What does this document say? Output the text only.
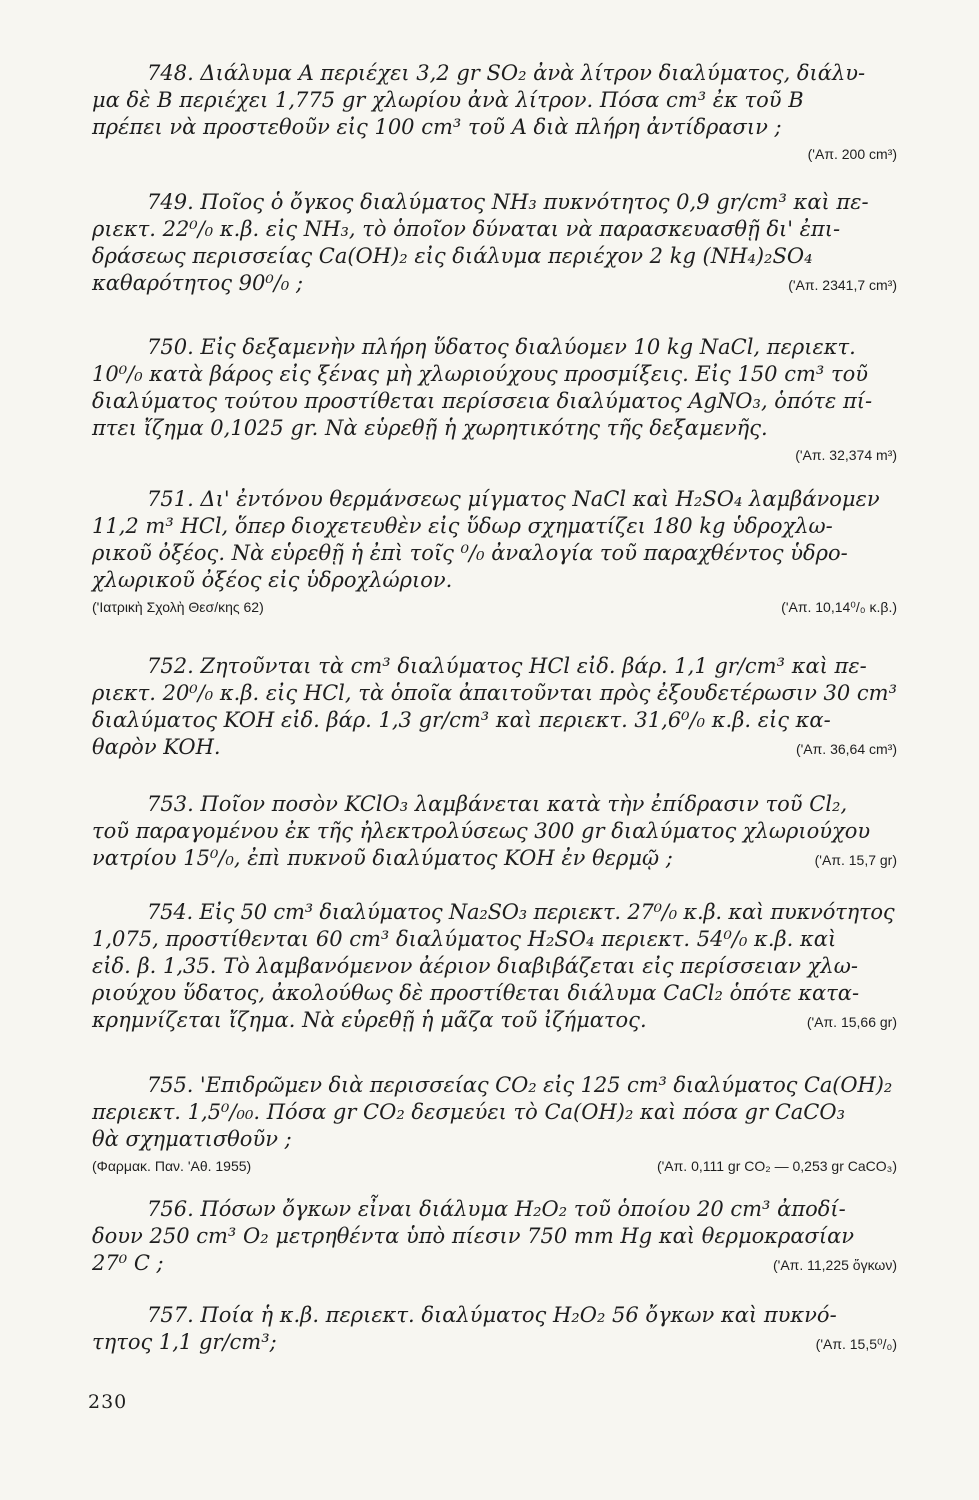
748. Διάλυμα Α περιέχει 3,2 gr SO₂ ἀνὰ λίτρον διαλύματος, διάλυ-
μα δὲ Β περιέχει 1,775 gr χλωρίου ἀνὰ λίτρον. Πόσα cm³ ἐκ τοῦ Β
πρέπει νὰ προστεθοῦν εἰς 100 cm³ τοῦ Α διὰ πλήρη ἀντίδρασιν ;
('Απ. 200 cm³)
749. Ποῖος ὁ ὄγκος διαλύματος NH₃ πυκνότητος 0,9 gr/cm³ καὶ πε-
ριεκτ. 22⁰/₀ κ.β. εἰς NH₃, τὸ ὁποῖον δύναται νὰ παρασκευασθῇ δι' ἐπι-
δράσεως περισσείας Ca(OH)₂ εἰς διάλυμα περιέχον 2 kg (NH₄)₂SO₄
καθαρότητος 90⁰/₀ ;	('Απ. 2341,7 cm³)
750. Εἰς δεξαμενὴν πλήρη ὕδατος διαλύομεν 10 kg NaCl, περιεκτ.
10⁰/₀ κατὰ βάρος εἰς ξένας μὴ χλωριούχους προσμίξεις. Εἰς 150 cm³ τοῦ
διαλύματος τούτου προστίθεται περίσσεια διαλύματος AgNO₃, ὁπότε πί-
πτει ἴζημα 0,1025 gr. Νὰ εὑρεθῇ ἡ χωρητικότης τῆς δεξαμενῆς.
('Απ. 32,374 m³)
751. Δι' ἐντόνου θερμάνσεως μίγματος NaCl καὶ H₂SO₄ λαμβάνομεν
11,2 m³ HCl, ὅπερ διοχετευθὲν εἰς ὕδωρ σχηματίζει 180 kg ὑδροχλω-
ρικοῦ ὀξέος. Νὰ εὑρεθῇ ἡ ἐπὶ τοῖς ⁰/₀ ἀναλογία τοῦ παραχθέντος ὑδρο-
χλωρικοῦ ὀξέος εἰς ὑδροχλώριον.
('Ιατρικὴ Σχολὴ Θεσ/κης 62)	('Απ. 10,14⁰/₀ κ.β.)
752. Ζητοῦνται τὰ cm³ διαλύματος HCl εἰδ. βάρ. 1,1 gr/cm³ καὶ πε-
ριεκτ. 20⁰/₀ κ.β. εἰς HCl, τὰ ὁποῖα ἀπαιτοῦνται πρὸς ἐξουδετέρωσιν 30 cm³
διαλύματος KOH εἰδ. βάρ. 1,3 gr/cm³ καὶ περιεκτ. 31,6⁰/₀ κ.β. εἰς κα-
θαρὸν KOH.	('Απ. 36,64 cm³)
753. Ποῖον ποσὸν KClO₃ λαμβάνεται κατὰ τὴν ἐπίδρασιν τοῦ Cl₂,
τοῦ παραγομένου ἐκ τῆς ἠλεκτρολύσεως 300 gr διαλύματος χλωριούχου
νατρίου 15⁰/₀, ἐπὶ πυκνοῦ διαλύματος KOH ἐν θερμῷ ;	('Απ. 15,7 gr)
754. Εἰς 50 cm³ διαλύματος Na₂SO₃ περιεκτ. 27⁰/₀ κ.β. καὶ πυκνότητος
1,075, προστίθενται 60 cm³ διαλύματος H₂SO₄ περιεκτ. 54⁰/₀ κ.β. καὶ
εἰδ. β. 1,35. Τὸ λαμβανόμενον ἀέριον διαβιβάζεται εἰς περίσσειαν χλω-
ριούχου ὕδατος, ἀκολούθως δὲ προστίθεται διάλυμα CaCl₂ ὁπότε κατα-
κρημνίζεται ἴζημα. Νὰ εὑρεθῇ ἡ μᾶζα τοῦ ἰζήματος.	('Απ. 15,66 gr)
755. 'Επιδρῶμεν διὰ περισσείας CO₂ εἰς 125 cm³ διαλύματος Ca(OH)₂
περιεκτ. 1,5⁰/₀₀. Πόσα gr CO₂ δεσμεύει τὸ Ca(OH)₂ καὶ πόσα gr CaCO₃
θὰ σχηματισθοῦν ;
(Φαρμακ. Παν. 'Αθ. 1955)	('Απ. 0,111 gr CO₂ — 0,253 gr CaCO₃)
756. Πόσων ὄγκων εἶναι διάλυμα H₂O₂ τοῦ ὁποίου 20 cm³ ἀποδί-
δουν 250 cm³ O₂ μετρηθέντα ὑπὸ πίεσιν 750 mm Hg καὶ θερμοκρασίαν
27⁰ C ;	('Απ. 11,225 ὄγκων)
757. Ποία ἡ κ.β. περιεκτ. διαλύματος H₂O₂ 56 ὄγκων καὶ πυκνό-
τητος 1,1 gr/cm³;	('Απ. 15,5⁰/₀)
230
